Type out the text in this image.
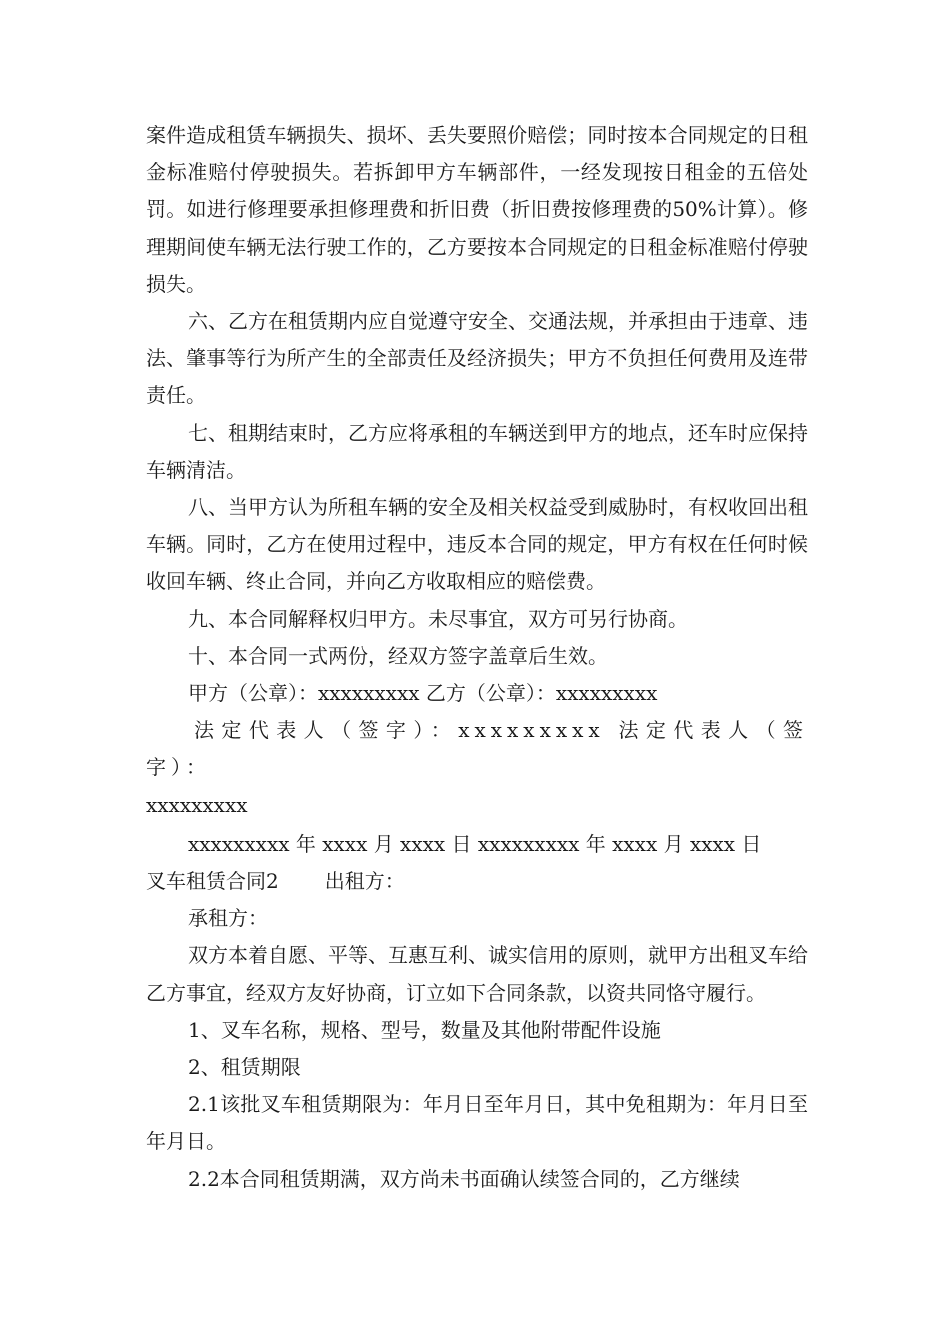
案件造成租赁车辆损失、损坏、丢失要照价赔偿；同时按本合同规定的日租金标准赔付停驶损失。若拆卸甲方车辆部件，一经发现按日租金的五倍处罚。如进行修理要承担修理费和折旧费（折旧费按修理费的50%计算）。修理期间使车辆无法行驶工作的，乙方要按本合同规定的日租金标准赔付停驶损失。

六、乙方在租赁期内应自觉遵守安全、交通法规，并承担由于违章、违法、肇事等行为所产生的全部责任及经济损失；甲方不负担任何费用及连带责任。

七、租期结束时，乙方应将承租的车辆送到甲方的地点，还车时应保持车辆清洁。

八、当甲方认为所租车辆的安全及相关权益受到威胁时，有权收回出租车辆。同时，乙方在使用过程中，违反本合同的规定，甲方有权在任何时候收回车辆、终止合同，并向乙方收取相应的赔偿费。

九、本合同解释权归甲方。未尽事宜，双方可另行协商。

十、本合同一式两份，经双方签字盖章后生效。

甲方（公章）：xxxxxxxxx 乙方（公章）：xxxxxxxxx

法定代表人（签字）：xxxxxxxxx 法定代表人（签字）：

xxxxxxxxx

xxxxxxxxx 年 xxxx 月 xxxx 日 xxxxxxxxx 年 xxxx 月 xxxx 日

叉车租赁合同2 出租方：

承租方：

双方本着自愿、平等、互惠互利、诚实信用的原则，就甲方出租叉车给乙方事宜，经双方友好协商，订立如下合同条款，以资共同恪守履行。

1、叉车名称，规格、型号，数量及其他附带配件设施

2、租赁期限

2.1该批叉车租赁期限为：年月日至年月日，其中免租期为：年月日至年月日。

2.2本合同租赁期满，双方尚未书面确认续签合同的，乙方继续
